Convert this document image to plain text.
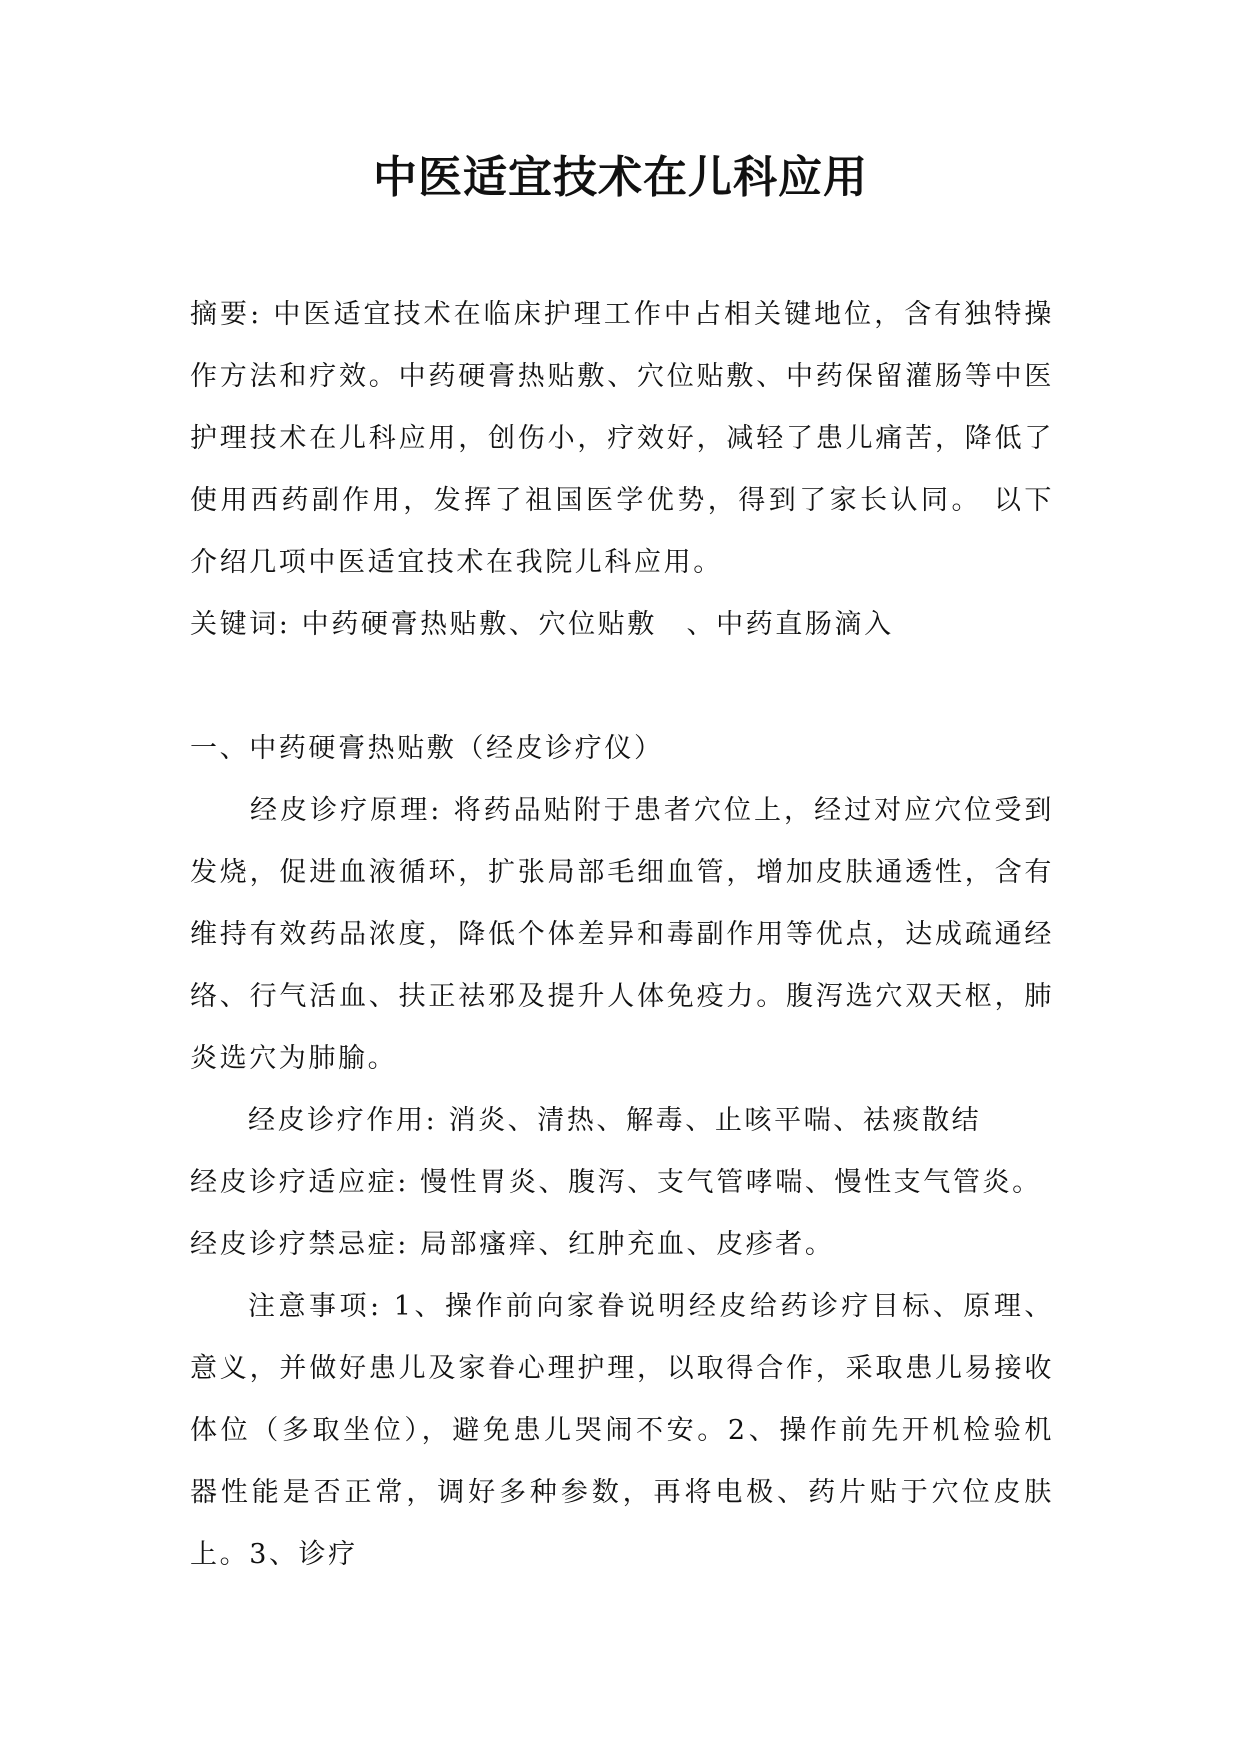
中医适宜技术在儿科应用

摘要: 中医适宜技术在临床护理工作中占相关键地位，含有独特操作方法和疗效。中药硬膏热贴敷、穴位贴敷、中药保留灌肠等中医护理技术在儿科应用，创伤小，疗效好，减轻了患儿痛苦，降低了使用西药副作用，发挥了祖国医学优势，得到了家长认同。 以下介绍几项中医适宜技术在我院儿科应用。

关键词: 中药硬膏热贴敷、穴位贴敷　、中药直肠滴入

一、中药硬膏热贴敷（经皮诊疗仪）

经皮诊疗原理: 将药品贴附于患者穴位上，经过对应穴位受到发烧，促进血液循环，扩张局部毛细血管，增加皮肤通透性，含有维持有效药品浓度，降低个体差异和毒副作用等优点，达成疏通经络、行气活血、扶正祛邪及提升人体免疫力。腹泻选穴双天枢，肺炎选穴为肺腧。

经皮诊疗作用: 消炎、清热、解毒、止咳平喘、祛痰散结

经皮诊疗适应症: 慢性胃炎、腹泻、支气管哮喘、慢性支气管炎。

经皮诊疗禁忌症: 局部瘙痒、红肿充血、皮疹者。

注意事项: 1、操作前向家眷说明经皮给药诊疗目标、原理、意义，并做好患儿及家眷心理护理，以取得合作，采取患儿易接收体位（多取坐位），避免患儿哭闹不安。2、操作前先开机检验机器性能是否正常，调好多种参数，再将电极、药片贴于穴位皮肤上。3、诊疗
